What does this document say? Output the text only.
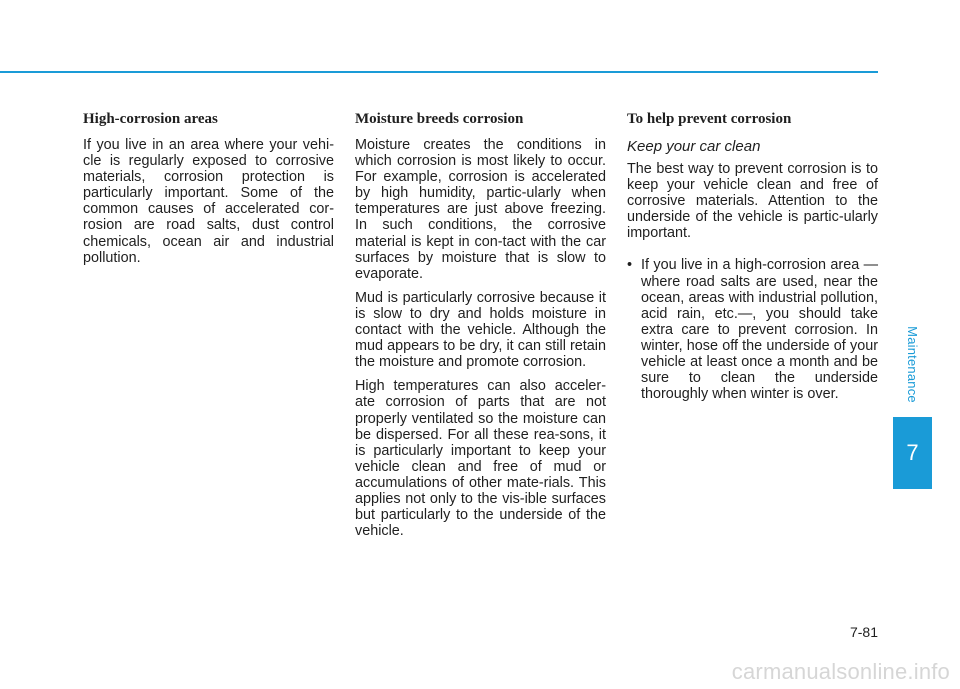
High-corrosion areas

If you live in an area where your vehi-cle is regularly exposed to corrosive materials, corrosion protection is particularly important. Some of the common causes of accelerated cor-rosion are road salts, dust control chemicals, ocean air and industrial pollution.

Moisture breeds corrosion

Moisture creates the conditions in which corrosion is most likely to occur. For example, corrosion is accelerated by high humidity, partic-ularly when temperatures are just above freezing. In such conditions, the corrosive material is kept in con-tact with the car surfaces by moisture that is slow to evaporate.

Mud is particularly corrosive because it is slow to dry and holds moisture in contact with the vehicle. Although the mud appears to be dry, it can still retain the moisture and promote corrosion.

High temperatures can also acceler-ate corrosion of parts that are not properly ventilated so the moisture can be dispersed. For all these rea-sons, it is particularly important to keep your vehicle clean and free of mud or accumulations of other mate-rials. This applies not only to the vis-ible surfaces but particularly to the underside of the vehicle.

To help prevent corrosion
Keep your car clean

The best way to prevent corrosion is to keep your vehicle clean and free of corrosive materials. Attention to the underside of the vehicle is partic-ularly important.

• If you live in a high-corrosion area — where road salts are used, near the ocean, areas with industrial pollution, acid rain, etc.—, you should take extra care to prevent corrosion. In winter, hose off the underside of your vehicle at least once a month and be sure to clean the underside thoroughly when winter is over.	Maintenance
7
7-81
carmanualsonline.info
